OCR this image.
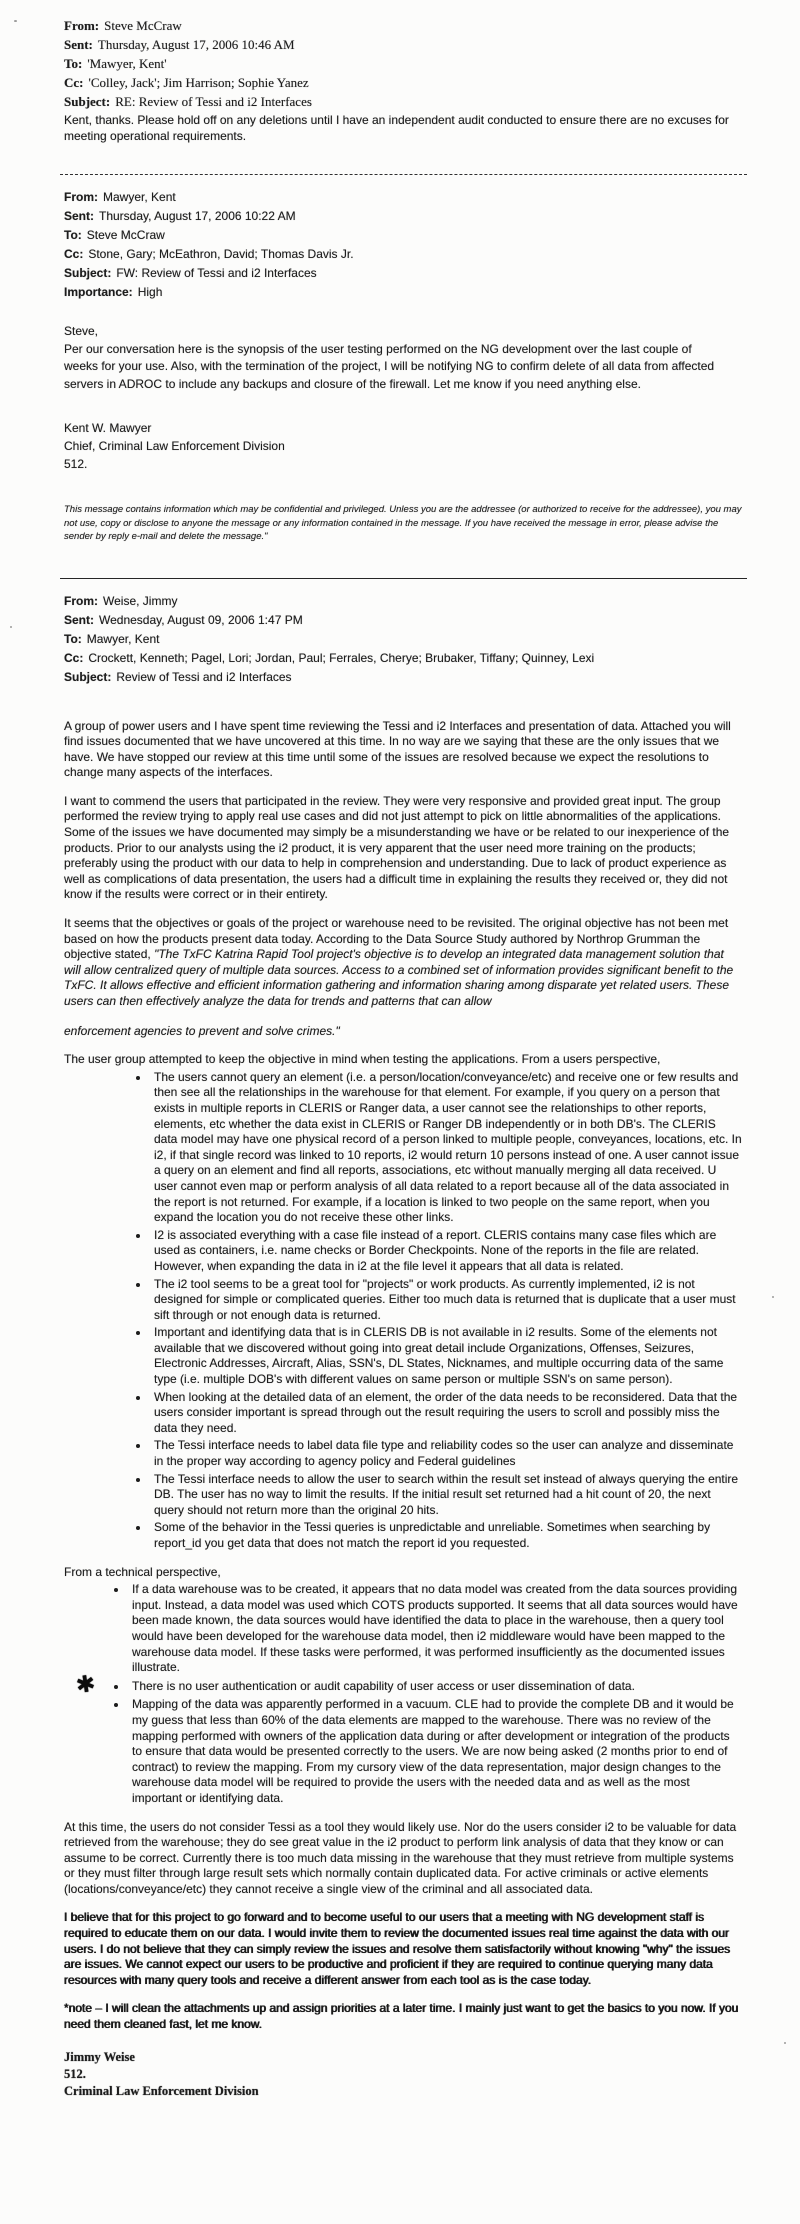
From: Steve McCraw
Sent: Thursday, August 17, 2006 10:46 AM
To: 'Mawyer, Kent'
Cc: 'Colley, Jack'; Jim Harrison; Sophie Yanez
Subject: RE: Review of Tessi and i2 Interfaces

Kent, thanks. Please hold off on any deletions until I have an independent audit conducted to ensure there are no excuses for meeting operational requirements.

From: Mawyer, Kent
Sent: Thursday, August 17, 2006 10:22 AM
To: Steve McCraw
Cc: Stone, Gary; McEathron, David; Thomas Davis Jr.
Subject: FW: Review of Tessi and i2 Interfaces
Importance: High
Steve,
Per our conversation here is the synopsis of the user testing performed on the NG development over the last couple of weeks for your use. Also, with the termination of the project, I will be notifying NG to confirm delete of all data from affected servers in ADROC to include any backups and closure of the firewall. Let me know if you need anything else.
Kent W. Mawyer
Chief, Criminal Law Enforcement Division
512.

This message contains information which may be confidential and privileged. Unless you are the addressee (or authorized to receive for the addressee), you may not use, copy or disclose to anyone the message or any information contained in the message. If you have received the message in error, please advise the sender by reply e-mail and delete the message."

From: Weise, Jimmy
Sent: Wednesday, August 09, 2006 1:47 PM
To: Mawyer, Kent
Cc: Crockett, Kenneth; Pagel, Lori; Jordan, Paul; Ferrales, Cherye; Brubaker, Tiffany; Quinney, Lexi
Subject: Review of Tessi and i2 Interfaces

A group of power users and I have spent time reviewing the Tessi and i2 Interfaces and presentation of data. Attached you will find issues documented that we have uncovered at this time. In no way are we saying that these are the only issues that we have. We have stopped our review at this time until some of the issues are resolved because we expect the resolutions to change many aspects of the interfaces.

I want to commend the users that participated in the review. They were very responsive and provided great input. The group performed the review trying to apply real use cases and did not just attempt to pick on little abnormalities of the applications. Some of the issues we have documented may simply be a misunderstanding we have or be related to our inexperience of the products. Prior to our analysts using the i2 product, it is very apparent that the user need more training on the products; preferably using the product with our data to help in comprehension and understanding. Due to lack of product experience as well as complications of data presentation, the users had a difficult time in explaining the results they received or, they did not know if the results were correct or in their entirety.

It seems that the objectives or goals of the project or warehouse need to be revisited. The original objective has not been met based on how the products present data today. According to the Data Source Study authored by Northrop Grumman the objective stated, "The TxFC Katrina Rapid Tool project's objective is to develop an integrated data management solution that will allow centralized query of multiple data sources. Access to a combined set of information provides significant benefit to the TxFC. It allows effective and efficient information gathering and information sharing among disparate yet related users. These users can then effectively analyze the data for trends and patterns that can allow

enforcement agencies to prevent and solve crimes."

The user group attempted to keep the objective in mind when testing the applications. From a users perspective,

• The users cannot query an element (i.e. a person/location/conveyance/etc) and receive one or few results and then see all the relationships in the warehouse for that element. For example, if you query on a person that exists in multiple reports in CLERIS or Ranger data, a user cannot see the relationships to other reports, elements, etc whether the data exist in CLERIS or Ranger DB independently or in both DB's. The CLERIS data model may have one physical record of a person linked to multiple people, conveyances, locations, etc. In i2, if that single record was linked to 10 reports, i2 would return 10 persons instead of one. A user cannot issue a query on an element and find all reports, associations, etc without manually merging all data received. U user cannot even map or perform analysis of all data related to a report because all of the data associated in the report is not returned. For example, if a location is linked to two people on the same report, when you expand the location you do not receive these other links.
• I2 is associated everything with a case file instead of a report. CLERIS contains many case files which are used as containers, i.e. name checks or Border Checkpoints. None of the reports in the file are related. However, when expanding the data in i2 at the file level it appears that all data is related.
• The i2 tool seems to be a great tool for "projects" or work products. As currently implemented, i2 is not designed for simple or complicated queries. Either too much data is returned that is duplicate that a user must sift through or not enough data is returned.
• Important and identifying data that is in CLERIS DB is not available in i2 results. Some of the elements not available that we discovered without going into great detail include Organizations, Offenses, Seizures, Electronic Addresses, Aircraft, Alias, SSN's, DL States, Nicknames, and multiple occurring data of the same type (i.e. multiple DOB's with different values on same person or multiple SSN's on same person).
• When looking at the detailed data of an element, the order of the data needs to be reconsidered. Data that the users consider important is spread through out the result requiring the users to scroll and possibly miss the data they need.
• The Tessi interface needs to label data file type and reliability codes so the user can analyze and disseminate in the proper way according to agency policy and Federal guidelines
• The Tessi interface needs to allow the user to search within the result set instead of always querying the entire DB. The user has no way to limit the results. If the initial result set returned had a hit count of 20, the next query should not return more than the original 20 hits.
• Some of the behavior in the Tessi queries is unpredictable and unreliable. Sometimes when searching by report_id you get data that does not match the report id you requested.

From a technical perspective,

• If a data warehouse was to be created, it appears that no data model was created from the data sources providing input. Instead, a data model was used which COTS products supported. It seems that all data sources would have been made known, the data sources would have identified the data to place in the warehouse, then a query tool would have been developed for the warehouse data model, then i2 middleware would have been mapped to the warehouse data model. If these tasks were performed, it was performed insufficiently as the documented issues illustrate.
• ✱	There is no user authentication or audit capability of user access or user dissemination of data.
• Mapping of the data was apparently performed in a vacuum. CLE had to provide the complete DB and it would be my guess that less than 60% of the data elements are mapped to the warehouse. There was no review of the mapping performed with owners of the application data during or after development or integration of the products to ensure that data would be presented correctly to the users. We are now being asked (2 months prior to end of contract) to review the mapping. From my cursory view of the data representation, major design changes to the warehouse data model will be required to provide the users with the needed data and as well as the most important or identifying data.

At this time, the users do not consider Tessi as a tool they would likely use. Nor do the users consider i2 to be valuable for data retrieved from the warehouse; they do see great value in the i2 product to perform link analysis of data that they know or can assume to be correct. Currently there is too much data missing in the warehouse that they must retrieve from multiple systems or they must filter through large result sets which normally contain duplicated data. For active criminals or active elements (locations/conveyance/etc) they cannot receive a single view of the criminal and all associated data.

I believe that for this project to go forward and to become useful to our users that a meeting with NG development staff is required to educate them on our data. I would invite them to review the documented issues real time against the data with our users. I do not believe that they can simply review the issues and resolve them satisfactorily without knowing "why" the issues are issues. We cannot expect our users to be productive and proficient if they are required to continue querying many data resources with many query tools and receive a different answer from each tool as is the case today.

*note – I will clean the attachments up and assign priorities at a later time. I mainly just want to get the basics to you now. If you need them cleaned fast, let me know.

Jimmy Weise
512.
Criminal Law Enforcement Division
